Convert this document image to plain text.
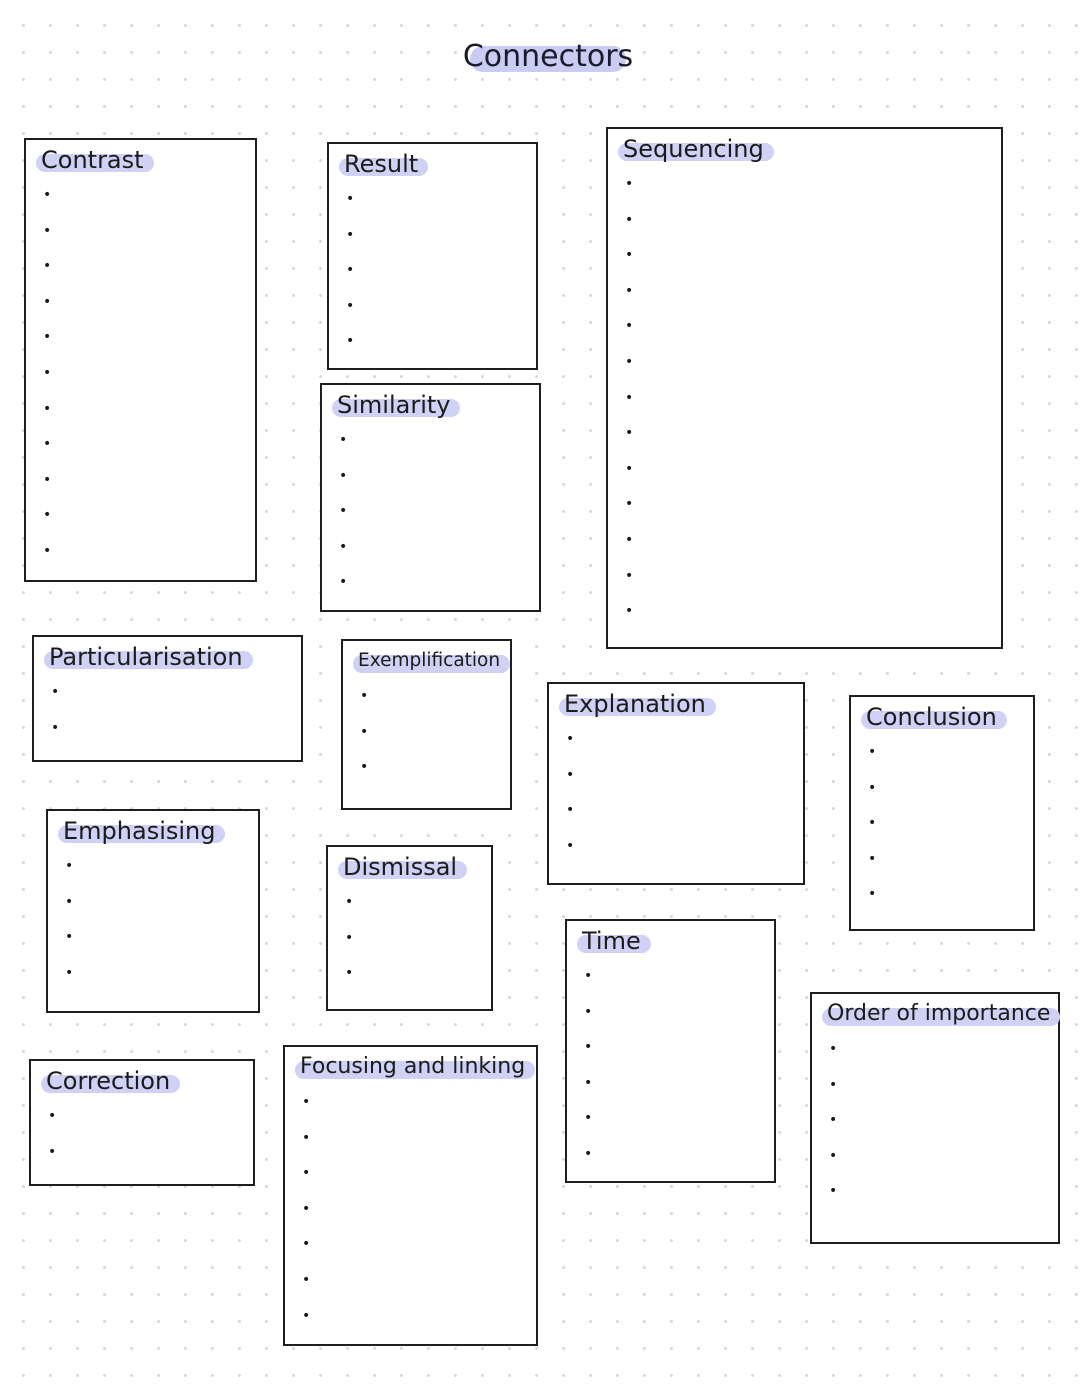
Connectors
Contrast	Result
Similarity
Sequencing
Particularisation	Exemplification
Explanation	Conclusion
Emphasising
Dismissal
Time
Order of importance
Correction
Focusing and linking
